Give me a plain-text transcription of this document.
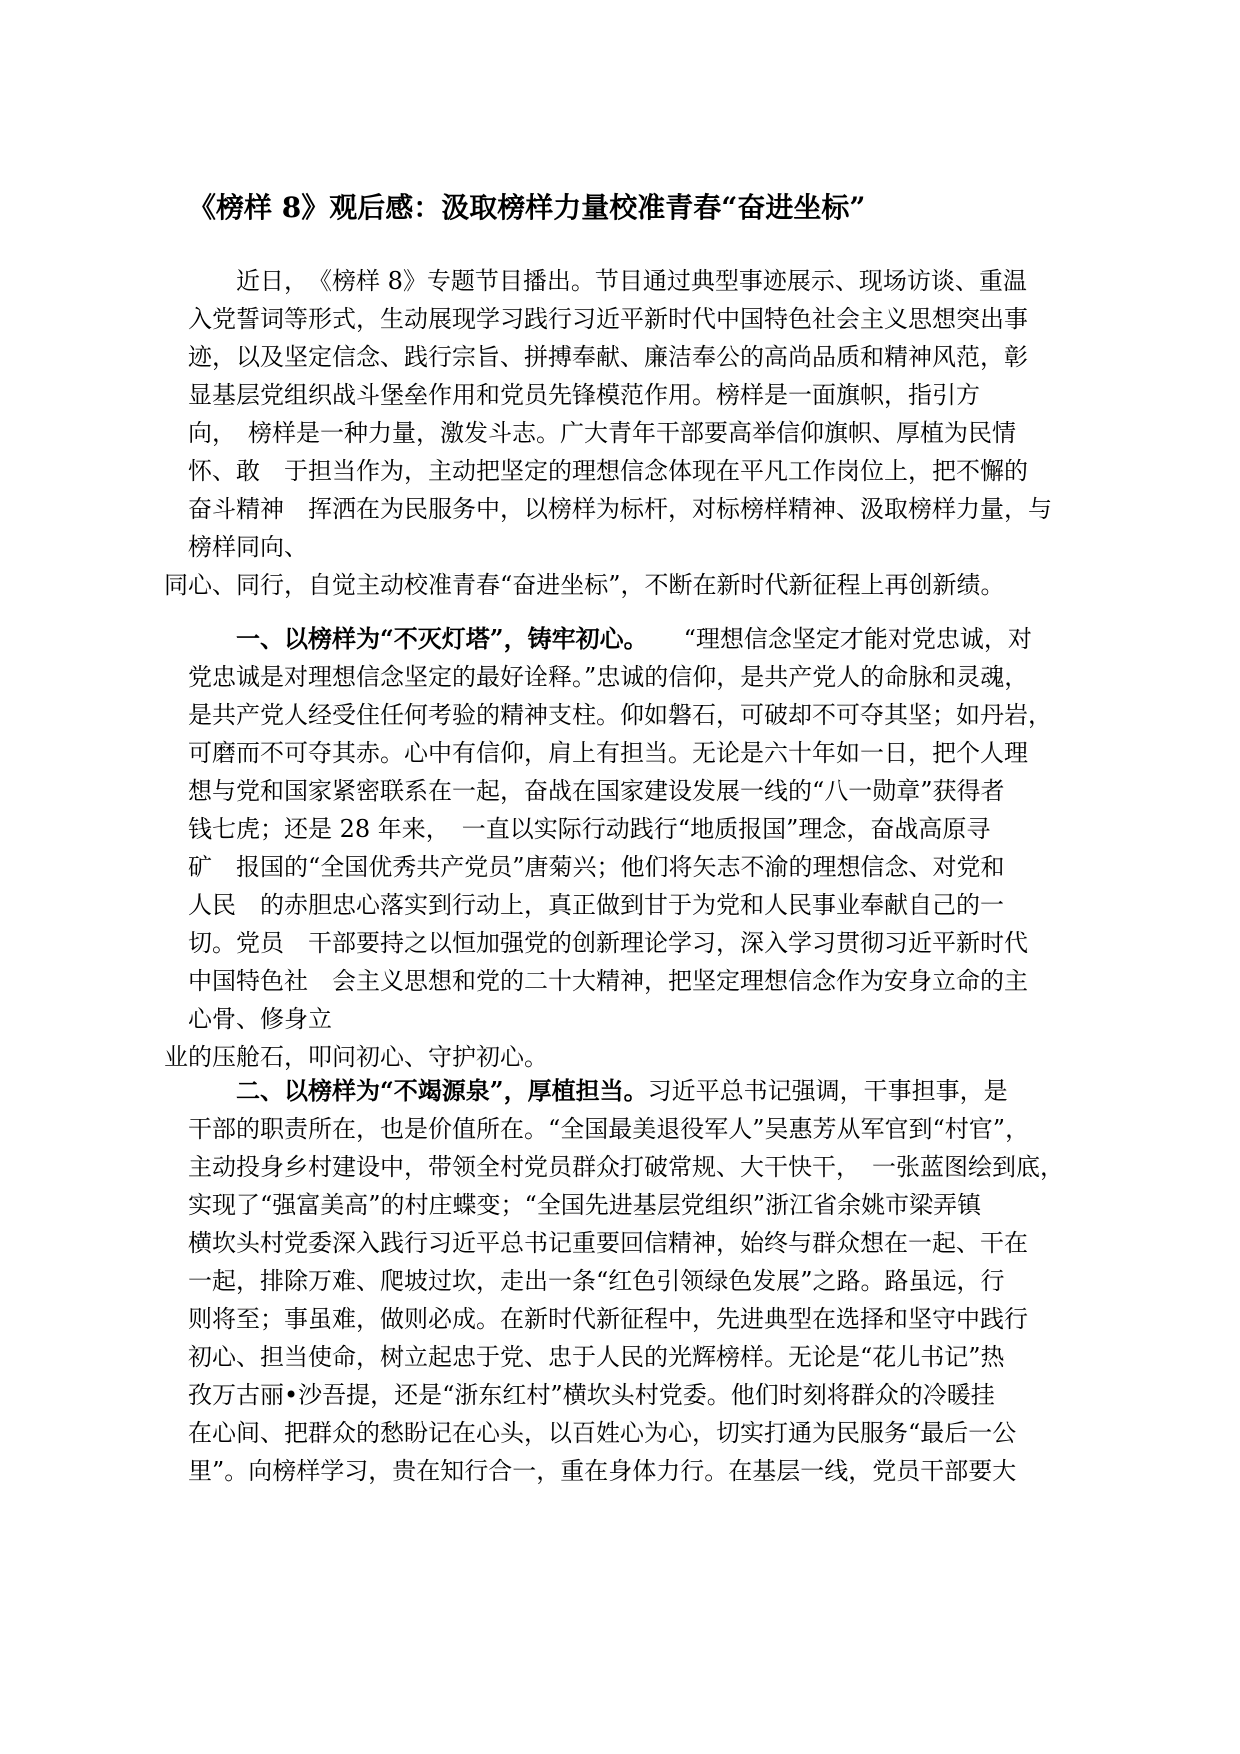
《榜样 8》观后感：汲取榜样力量校准青春“奋进坐标”
近日，　《榜样 8》专题节目播出。节目通过典型事迹展示、现场访谈、重温
入党誓词等形式，生动展现学习践行习近平新时代中国特色社会主义思想突出事
迹，以及坚定信念、践行宗旨、拼搏奉献、廉洁奉公的高尚品质和精神风范，彰
显基层党组织战斗堡垒作用和党员先锋模范作用。榜样是一面旗帜，指引方
向，　榜样是一种力量，激发斗志。广大青年干部要高举信仰旗帜、厚植为民情
怀、敢　于担当作为，主动把坚定的理想信念体现在平凡工作岗位上，把不懈的
奋斗精神　挥洒在为民服务中，以榜样为标杆，对标榜样精神、汲取榜样力量，与
榜样同向、
同心、同行，自觉主动校准青春“奋进坐标”，不断在新时代新征程上再创新绩。
一、以榜样为“不灭灯塔”，铸牢初心。　　“理想信念坚定才能对党忠诚，对
党忠诚是对理想信念坚定的最好诠释。”忠诚的信仰，是共产党人的命脉和灵魂，
是共产党人经受住任何考验的精神支柱。仰如磐石，可破却不可夺其坚；如丹岩，
可磨而不可夺其赤。心中有信仰，肩上有担当。无论是六十年如一日，把个人理
想与党和国家紧密联系在一起，奋战在国家建设发展一线的“八一勋章”获得者
钱七虎；还是 28 年来，　一直以实际行动践行“地质报国”理念，奋战高原寻
矿　报国的“全国优秀共产党员”唐菊兴；他们将矢志不渝的理想信念、对党和
人民　的赤胆忠心落实到行动上，真正做到甘于为党和人民事业奉献自己的一
切。党员　干部要持之以恒加强党的创新理论学习，深入学习贯彻习近平新时代
中国特色社　会主义思想和党的二十大精神，把坚定理想信念作为安身立命的主
心骨、修身立
业的压舱石，叩问初心、守护初心。
二、以榜样为“不竭源泉”，厚植担当。习近平总书记强调，干事担事，是
干部的职责所在，也是价值所在。“全国最美退役军人”吴惠芳从军官到“村官”，
主动投身乡村建设中，带领全村党员群众打破常规、大干快干，　一张蓝图绘到底，
实现了“强富美高”的村庄蝶变；“全国先进基层党组织”浙江省余姚市梁弄镇
横坎头村党委深入践行习近平总书记重要回信精神，始终与群众想在一起、干在
一起，排除万难、爬坡过坎，走出一条“红色引领绿色发展”之路。路虽远，行
则将至；事虽难，做则必成。在新时代新征程中，先进典型在选择和坚守中践行
初心、担当使命，树立起忠于党、忠于人民的光辉榜样。无论是“花儿书记”热
孜万古丽•沙吾提，还是“浙东红村”横坎头村党委。他们时刻将群众的冷暖挂
在心间、把群众的愁盼记在心头，以百姓心为心，切实打通为民服务“最后一公
里”。向榜样学习，贵在知行合一，重在身体力行。在基层一线，党员干部要大
